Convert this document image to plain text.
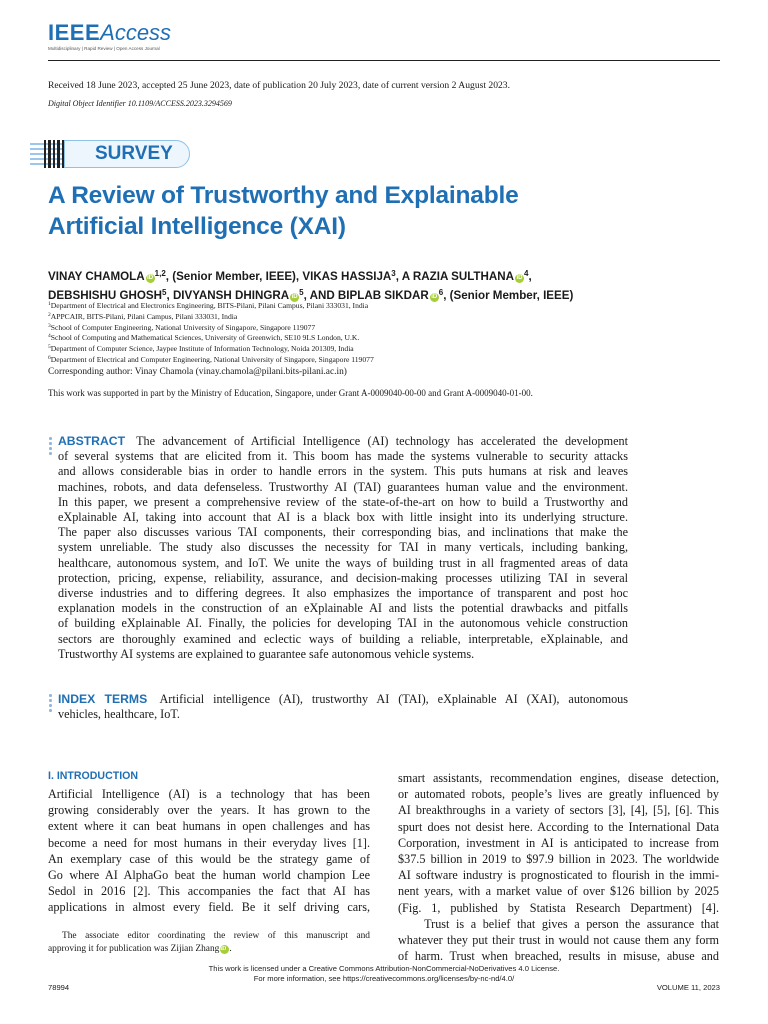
IEEEAccess
Multidisciplinary | Rapid Review | Open Access Journal
Received 18 June 2023, accepted 25 June 2023, date of publication 20 July 2023, date of current version 2 August 2023.
Digital Object Identifier 10.1109/ACCESS.2023.3294569
SURVEY
A Review of Trustworthy and Explainable
Artificial Intelligence (XAI)
VINAY CHAMOLA iD $^{1,2}$, (Senior Member, IEEE), VIKAS HASSIJA$^3$, A RAZIA SULTHANA iD $^4$,
DEBSHISHU GHOSH$^5$, DIVYANSH DHINGRA iD $^5$, AND BIPLAB SIKDAR iD $^6$, (Senior Member, IEEE)
$^1$Department of Electrical and Electronics Engineering, BITS-Pilani, Pilani Campus, Pilani 333031, India
$^2$APPCAIR, BITS-Pilani, Pilani Campus, Pilani 333031, India
$^3$School of Computer Engineering, National University of Singapore, Singapore 119077
$^4$School of Computing and Mathematical Sciences, University of Greenwich, SE10 9LS London, U.K.
$^5$Department of Computer Science, Jaypee Institute of Information Technology, Noida 201309, India
$^6$Department of Electrical and Computer Engineering, National University of Singapore, Singapore 119077
Corresponding author: Vinay Chamola (vinay.chamola@pilani.bits-pilani.ac.in)
This work was supported in part by the Ministry of Education, Singapore, under Grant A-0009040-00-00 and Grant A-0009040-01-00.
ABSTRACT The advancement of Artificial Intelligence (AI) technology has accelerated the development
of several systems that are elicited from it. This boom has made the systems vulnerable to security attacks
and allows considerable bias in order to handle errors in the system. This puts humans at risk and leaves
machines, robots, and data defenseless. Trustworthy AI (TAI) guarantees human value and the environment.
In this paper, we present a comprehensive review of the state-of-the-art on how to build a Trustworthy and
eXplainable AI, taking into account that AI is a black box with little insight into its underlying structure.
The paper also discusses various TAI components, their corresponding bias, and inclinations that make the
system unreliable. The study also discusses the necessity for TAI in many verticals, including banking,
healthcare, autonomous system, and IoT. We unite the ways of building trust in all fragmented areas of data
protection, pricing, expense, reliability, assurance, and decision-making processes utilizing TAI in several
diverse industries and to differing degrees. It also emphasizes the importance of transparent and post hoc
explanation models in the construction of an eXplainable AI and lists the potential drawbacks and pitfalls
of building eXplainable AI. Finally, the policies for developing TAI in the autonomous vehicle construction
sectors are thoroughly examined and eclectic ways of building a reliable, interpretable, eXplainable, and
Trustworthy AI systems are explained to guarantee safe autonomous vehicle systems.
INDEX TERMS Artificial intelligence (AI), trustworthy AI (TAI), eXplainable AI (XAI), autonomous
vehicles, healthcare, IoT.
I. INTRODUCTION
Artificial Intelligence (AI) is a technology that has been
growing considerably over the years. It has grown to the
extent where it can beat humans in open challenges and has
become a need for most humans in their everyday lives [1].
An exemplary case of this would be the strategy game of
Go where AI AlphaGo beat the human world champion Lee
Sedol in 2016 [2]. This accompanies the fact that AI has
applications in almost every field. Be it self driving cars,
smart assistants, recommendation engines, disease detection,
or automated robots, people’s lives are greatly influenced by
AI breakthroughs in a variety of sectors [3], [4], [5], [6]. This
spurt does not desist here. According to the International Data
Corporation, investment in AI is anticipated to increase from
$37.5 billion in 2019 to $97.9 billion in 2023. The worldwide
AI software industry is prognosticated to flourish in the immi-
nent years, with a market value of over $126 billion by 2025
(Fig. 1, published by Statista Research Department) [4].
Trust is a belief that gives a person the assurance that
whatever they put their trust in would not cause them any form
of harm. Trust when breached, results in misuse, abuse and
The associate editor coordinating the review of this manuscript and
approving it for publication was Zijian ZhangiD .
This work is licensed under a Creative Commons Attribution-NonCommercial-NoDerivatives 4.0 License.
For more information, see https://creativecommons.org/licenses/by-nc-nd/4.0/
78994	VOLUME 11, 2023
